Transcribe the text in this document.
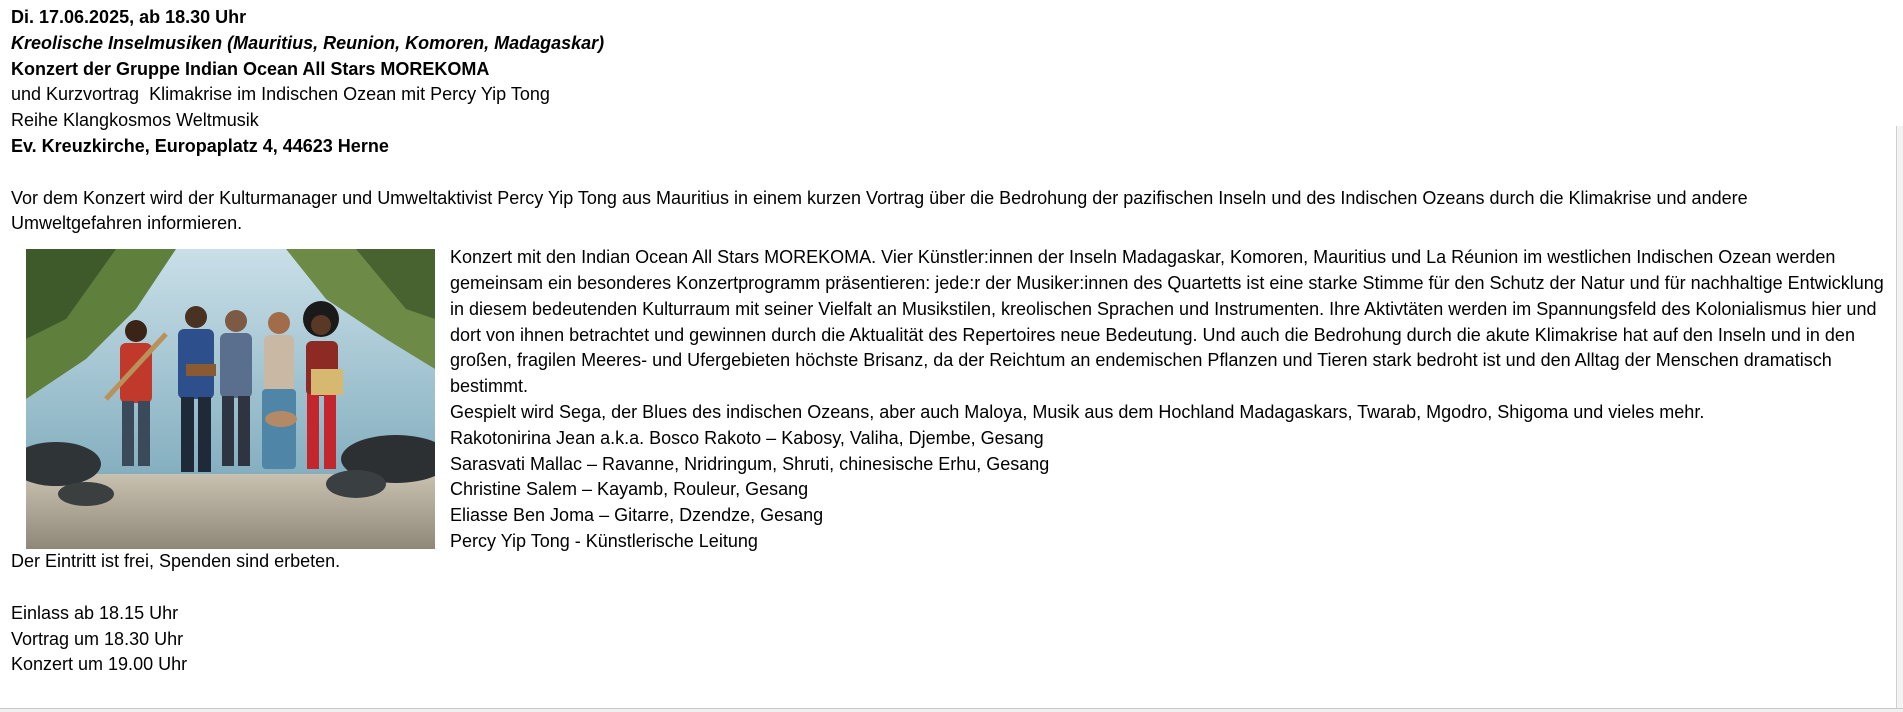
Di. 17.06.2025, ab 18.30 Uhr
Kreolische Inselmusiken (Mauritius, Reunion, Komoren, Madagaskar)
Konzert der Gruppe Indian Ocean All Stars MOREKOMA
und Kurzvortrag  Klimakrise im Indischen Ozean mit Percy Yip Tong
Reihe Klangkosmos Weltmusik
Ev. Kreuzkirche, Europaplatz 4, 44623 Herne
Vor dem Konzert wird der Kulturmanager und Umweltaktivist Percy Yip Tong aus Mauritius in einem kurzen Vortrag über die Bedrohung der pazifischen Inseln und des Indischen Ozeans durch die Klimakrise und andere Umweltgefahren informieren.
Konzert mit den Indian Ocean All Stars MOREKOMA. Vier Künstler:innen der Inseln Madagaskar, Komoren, Mauritius und La Réunion im westlichen Indischen Ozean werden gemeinsam ein besonderes Konzertprogramm präsentieren: jede:r der Musiker:innen des Quartetts ist eine starke Stimme für den Schutz der Natur und für nachhaltige Entwicklung in diesem bedeutenden Kulturraum mit seiner Vielfalt an Musikstilen, kreolischen Sprachen und Instrumenten. Ihre Aktivtäten werden im Spannungsfeld des Kolonialismus hier und dort von ihnen betrachtet und gewinnen durch die Aktualität des Repertoires neue Bedeutung. Und auch die Bedrohung durch die akute Klimakrise hat auf den Inseln und in den großen, fragilen Meeres- und Ufergebieten höchste Brisanz, da der Reichtum an endemischen Pflanzen und Tieren stark bedroht ist und den Alltag der Menschen dramatisch bestimmt.
Gespielt wird Sega, der Blues des indischen Ozeans, aber auch Maloya, Musik aus dem Hochland Madagaskars, Twarab, Mgodro, Shigoma und vieles mehr.
Rakotonirina Jean a.k.a. Bosco Rakoto – Kabosy, Valiha, Djembe, Gesang
Sarasvati Mallac – Ravanne, Nridringum, Shruti, chinesische Erhu, Gesang
Christine Salem – Kayamb, Rouleur, Gesang
Eliasse Ben Joma – Gitarre, Dzendze, Gesang
Percy Yip Tong - Künstlerische Leitung
Der Eintritt ist frei, Spenden sind erbeten.
Einlass ab 18.15 Uhr
Vortrag um 18.30 Uhr
Konzert um 19.00 Uhr
